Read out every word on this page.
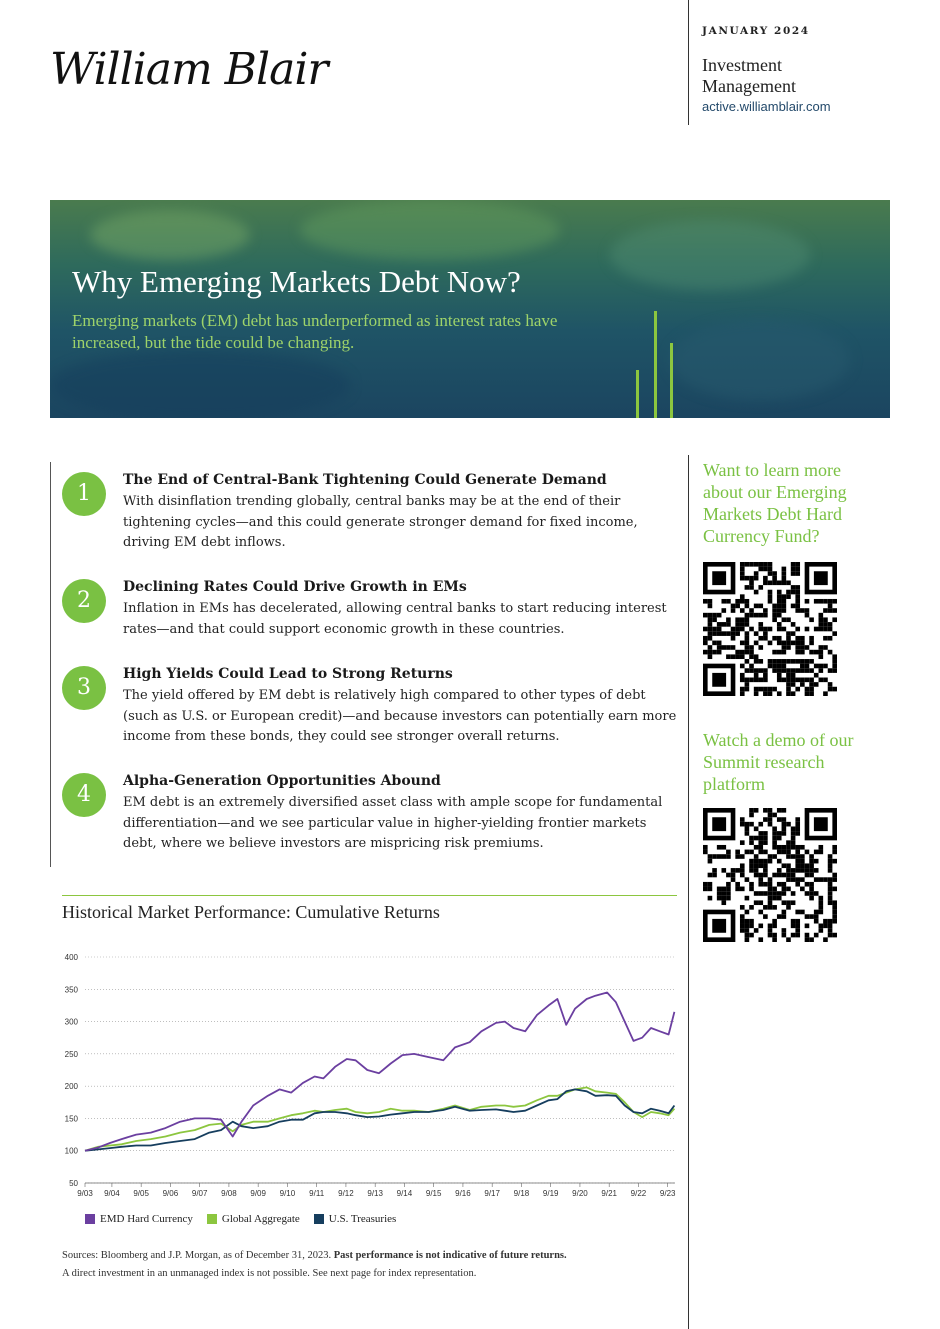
William Blair
JANUARY 2024
Investment
Management
active.williamblair.com
Why Emerging Markets Debt Now?

Emerging markets (EM) debt has underperformed as interest rates have increased, but the tide could be changing.

1
The End of Central-Bank Tightening Could Generate Demand

With disinflation trending globally, central banks may be at the end of their tightening cycles—and this could generate stronger demand for fixed income, driving EM debt inflows.

2
Declining Rates Could Drive Growth in EMs

Inflation in EMs has decelerated, allowing central banks to start reducing interest rates—and that could support economic growth in these countries.

3
High Yields Could Lead to Strong Returns

The yield offered by EM debt is relatively high compared to other types of debt (such as U.S. or European credit)—and because investors can potentially earn more income from these bonds, they could see stronger overall returns.

4
Alpha-Generation Opportunities Abound

EM debt is an extremely diversified asset class with ample scope for fundamental differentiation—and we see particular value in higher-yielding frontier markets debt, where we believe investors are mispricing risk premiums.

Want to learn more about our Emerging Markets Debt Hard Currency Fund?
Watch a demo of our Summit research platform
Historical Market Performance: Cumulative Returns
50
100
150
200
250
300
350
400
9/03 9/04 9/05 9/06 9/07 9/08 9/09 9/10 9/11 9/12 9/13 9/14 9/15 9/16 9/17 9/18 9/19 9/20 9/21 9/22 9/23
EMD Hard Currency	Global Aggregate	U.S. Treasuries
Sources: Bloomberg and J.P. Morgan, as of December 31, 2023. Past performance is not indicative of future returns.
A direct investment in an unmanaged index is not possible. See next page for index representation.
